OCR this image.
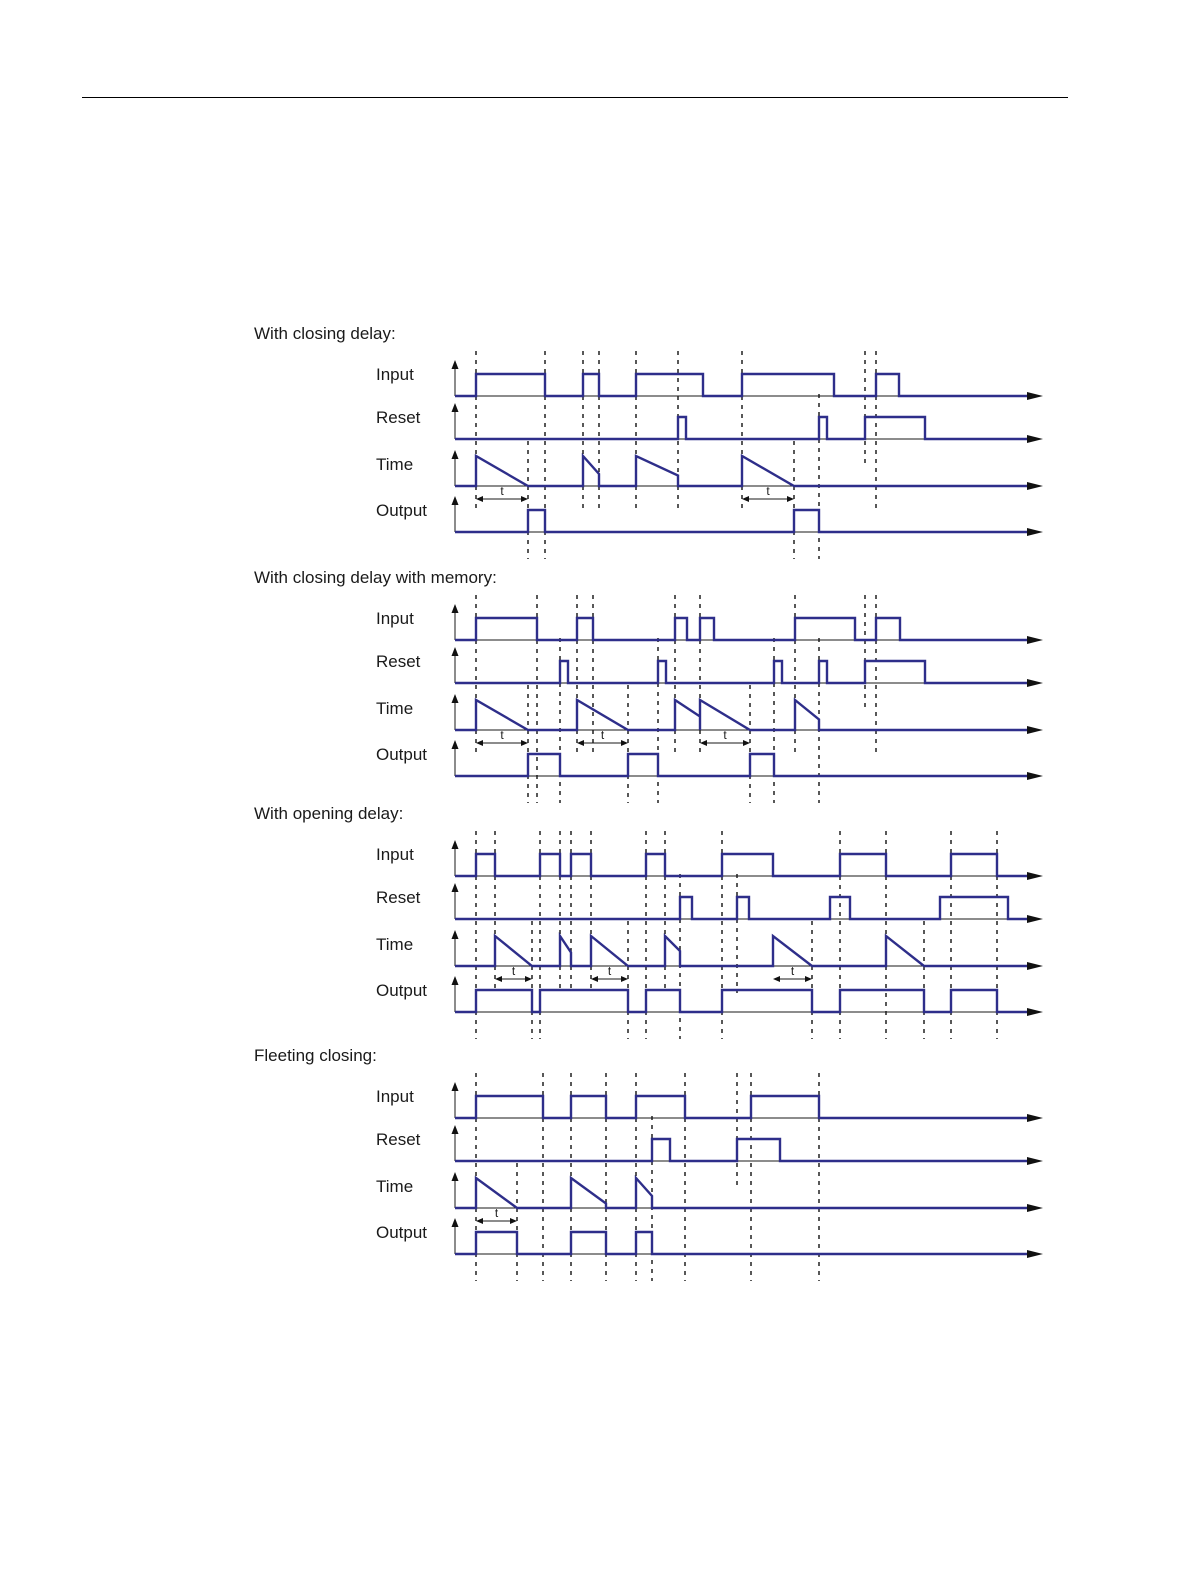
With closing delay:
Input
Reset
Time
Output
t	t
With closing delay with memory:
Input
Reset
Time
Output
t	t	t
With opening delay:
Input
Reset
Time
Output
t	t	t
Fleeting closing:
Input
Reset
Time
Output
t
